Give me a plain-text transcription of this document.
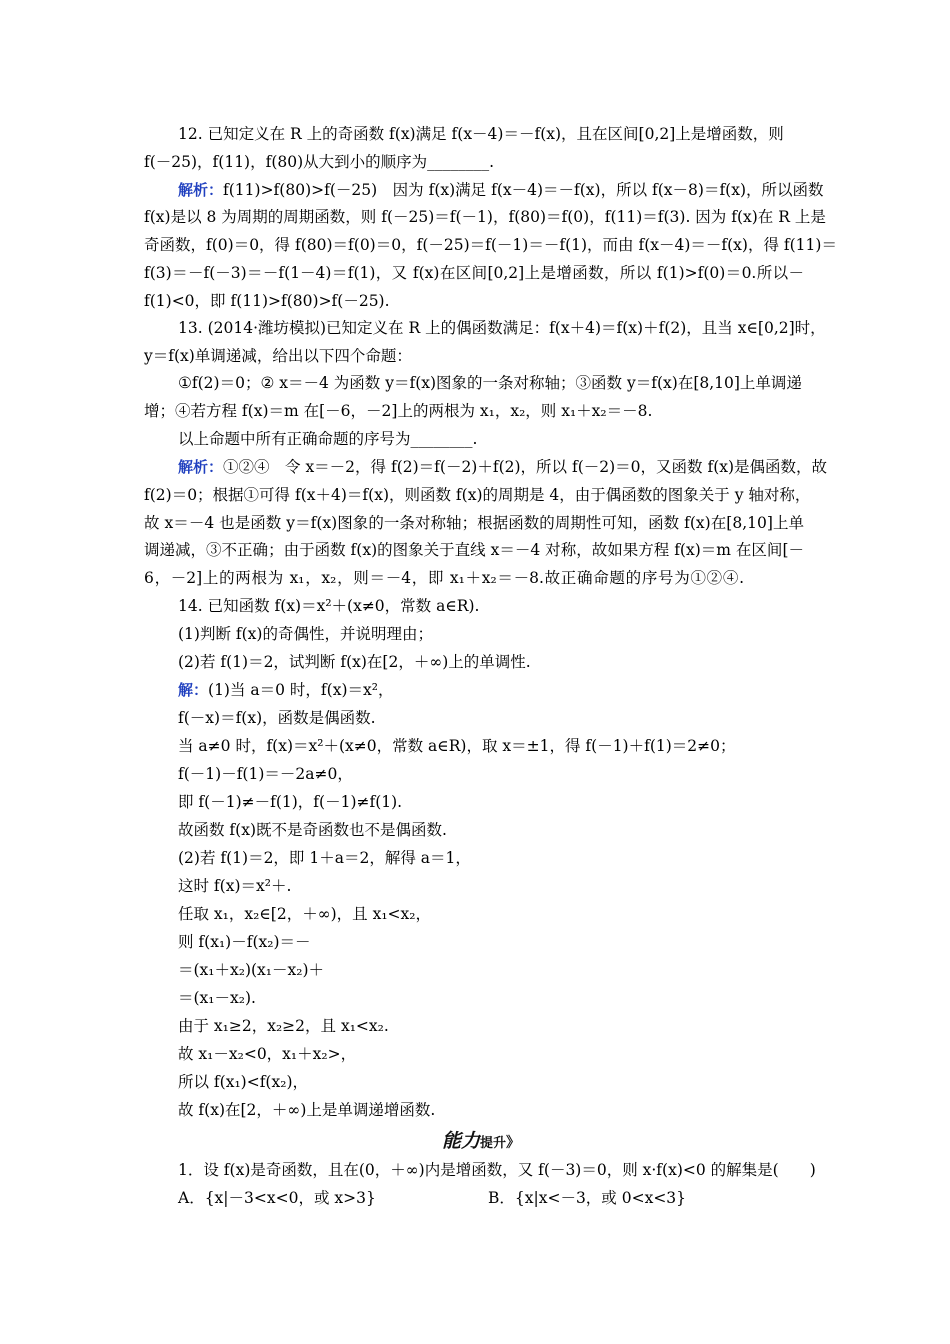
12. 已知定义在 R 上的奇函数 f(x)满足 f(x－4)＝－f(x)，且在区间[0,2]上是增函数，则
f(－25)，f(11)，f(80)从大到小的顺序为________.
解析：f(11)>f(80)>f(－25)　因为 f(x)满足 f(x－4)＝－f(x)，所以 f(x－8)＝f(x)，所以函数
f(x)是以 8 为周期的周期函数，则 f(－25)＝f(－1)，f(80)＝f(0)，f(11)＝f(3). 因为 f(x)在 R 上是
奇函数，f(0)＝0，得 f(80)＝f(0)＝0，f(－25)＝f(－1)＝－f(1)，而由 f(x－4)＝－f(x)，得 f(11)＝
f(3)＝－f(－3)＝－f(1－4)＝f(1)，又 f(x)在区间[0,2]上是增函数，所以 f(1)>f(0)＝0.所以－
f(1)<0，即 f(11)>f(80)>f(－25).
13. (2014·潍坊模拟)已知定义在 R 上的偶函数满足：f(x＋4)＝f(x)＋f(2)，且当 x∈[0,2]时，
y＝f(x)单调递减，给出以下四个命题：
①f(2)＝0；② x＝－4 为函数 y＝f(x)图象的一条对称轴；③函数 y＝f(x)在[8,10]上单调递
增；④若方程 f(x)＝m 在[－6，－2]上的两根为 x₁，x₂，则 x₁＋x₂＝－8.
以上命题中所有正确命题的序号为________.
解析：①②④　令 x＝－2，得 f(2)＝f(－2)＋f(2)，所以 f(－2)＝0，又函数 f(x)是偶函数，故
f(2)＝0；根据①可得 f(x＋4)＝f(x)，则函数 f(x)的周期是 4，由于偶函数的图象关于 y 轴对称，
故 x＝－4 也是函数 y＝f(x)图象的一条对称轴；根据函数的周期性可知，函数 f(x)在[8,10]上单
调递减，③不正确；由于函数 f(x)的图象关于直线 x＝－4 对称，故如果方程 f(x)＝m 在区间[－
6，－2]上的两根为 x₁，x₂，则＝－4，即 x₁＋x₂＝－8.故正确命题的序号为①②④.
14. 已知函数 f(x)＝x²＋(x≠0，常数 a∈R).
(1)判断 f(x)的奇偶性，并说明理由；
(2)若 f(1)＝2，试判断 f(x)在[2，＋∞)上的单调性.
解：(1)当 a＝0 时，f(x)＝x²，
f(－x)＝f(x)，函数是偶函数.
当 a≠0 时，f(x)＝x²＋(x≠0，常数 a∈R)，取 x＝±1，得 f(－1)＋f(1)＝2≠0；
f(－1)－f(1)＝－2a≠0，
即 f(－1)≠－f(1)，f(－1)≠f(1).
故函数 f(x)既不是奇函数也不是偶函数.
(2)若 f(1)＝2，即 1＋a＝2，解得 a＝1，
这时 f(x)＝x²＋.
任取 x₁，x₂∈[2，＋∞)，且 x₁<x₂，
则 f(x₁)－f(x₂)＝－
＝(x₁＋x₂)(x₁－x₂)＋
＝(x₁－x₂).
由于 x₁≥2，x₂≥2，且 x₁<x₂.
故 x₁－x₂<0，x₁＋x₂>，
所以 f(x₁)<f(x₂)，
故 f(x)在[2，＋∞)上是单调递增函数.
能力提升》
1．设 f(x)是奇函数，且在(0，＋∞)内是增函数，又 f(－3)＝0，则 x·f(x)<0 的解集是(　　)
A．{x|－3<x<0，或 x>3}	B．{x|x<－3，或 0<x<3}
